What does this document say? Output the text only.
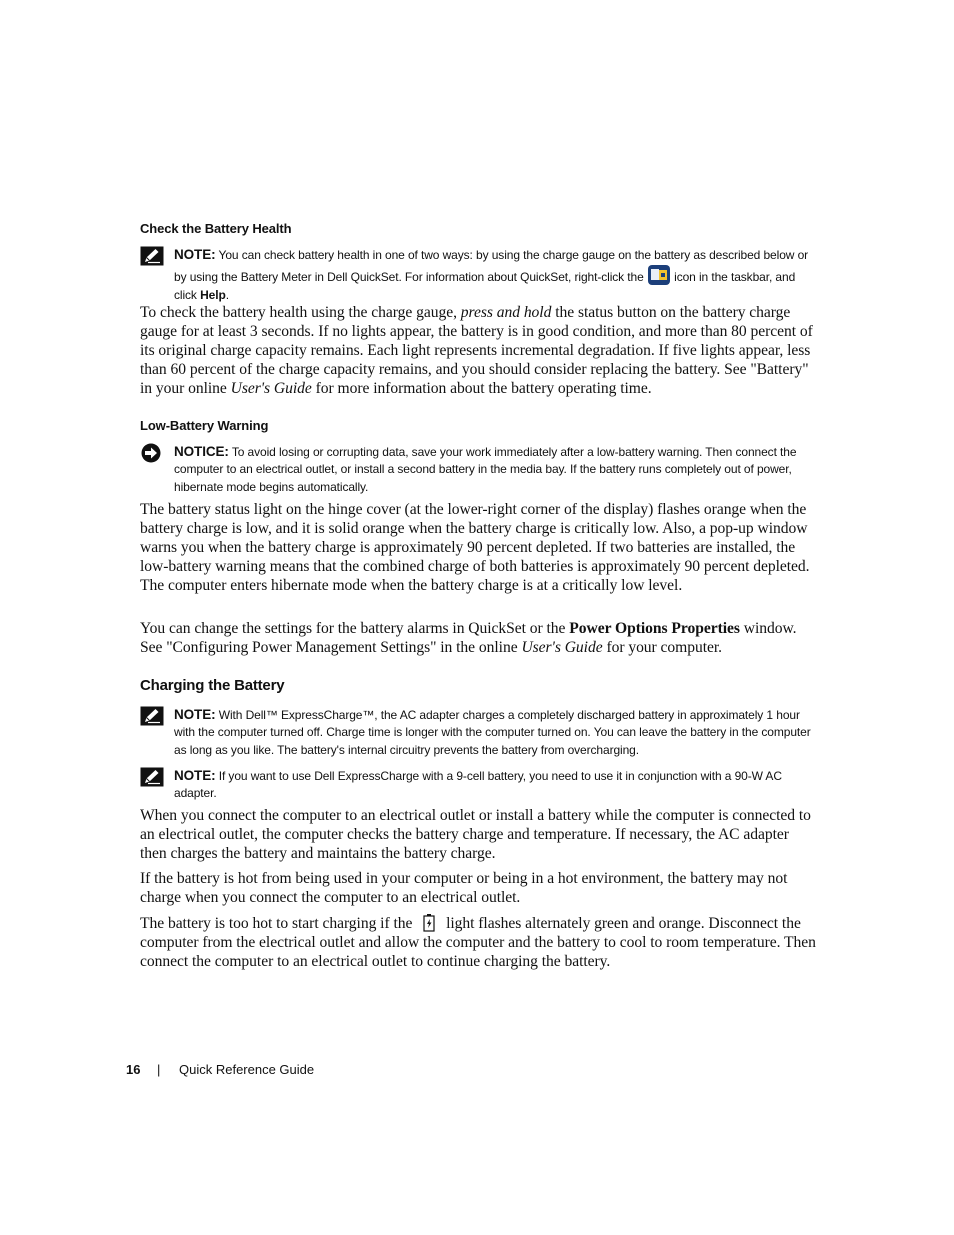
Check the Battery Health
NOTE: You can check battery health in one of two ways: by using the charge gauge on the battery as described below or by using the Battery Meter in Dell QuickSet. For information about QuickSet, right-click the	icon in the taskbar, and click Help.
To check the battery health using the charge gauge, press and hold the status button on the battery charge gauge for at least 3 seconds. If no lights appear, the battery is in good condition, and more than 80 percent of its original charge capacity remains. Each light represents incremental degradation. If five lights appear, less than 60 percent of the charge capacity remains, and you should consider replacing the battery. See "Battery" in your online User's Guide for more information about the battery operating time.
Low-Battery Warning
NOTICE: To avoid losing or corrupting data, save your work immediately after a low-battery warning. Then connect the computer to an electrical outlet, or install a second battery in the media bay. If the battery runs completely out of power, hibernate mode begins automatically.
The battery status light on the hinge cover (at the lower-right corner of the display) flashes orange when the battery charge is low, and it is solid orange when the battery charge is critically low. Also, a pop-up window warns you when the battery charge is approximately 90 percent depleted. If two batteries are installed, the low-battery warning means that the combined charge of both batteries is approximately 90 percent depleted. The computer enters hibernate mode when the battery charge is at a critically low level.
You can change the settings for the battery alarms in QuickSet or the Power Options Properties window. See "Configuring Power Management Settings" in the online User's Guide for your computer.
Charging the Battery
NOTE: With Dell™ ExpressCharge™, the AC adapter charges a completely discharged battery in approximately 1 hour with the computer turned off. Charge time is longer with the computer turned on. You can leave the battery in the computer as long as you like. The battery's internal circuitry prevents the battery from overcharging.
NOTE: If you want to use Dell ExpressCharge with a 9-cell battery, you need to use it in conjunction with a 90-W AC adapter.
When you connect the computer to an electrical outlet or install a battery while the computer is connected to an electrical outlet, the computer checks the battery charge and temperature. If necessary, the AC adapter then charges the battery and maintains the battery charge.
If the battery is hot from being used in your computer or being in a hot environment, the battery may not charge when you connect the computer to an electrical outlet.
The battery is too hot to start charging if the light flashes alternately green and orange. Disconnect the computer from the electrical outlet and allow the computer and the battery to cool to room temperature. Then connect the computer to an electrical outlet to continue charging the battery.
16 | Quick Reference Guide
